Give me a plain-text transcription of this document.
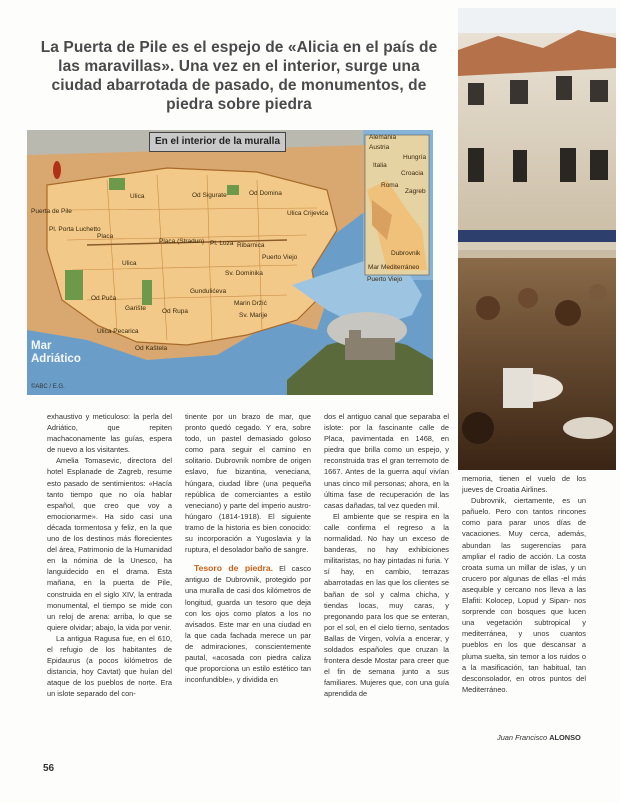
La Puerta de Pile es el espejo de «Alicia en el país de las maravillas». Una vez en el interior, surge una ciudad abarrotada de pasado, de monumentos, de piedra sobre piedra
En el interior de la muralla
Puerta de Pile
Pl. Porta Luchetto
Placa
Placa (Stradun) Pl. Luza Ribarnica
Puerto Viejo
Od Puča
Sv. Dominika
Gundulićeva
Od Rupa
Ulica
Garište
Marin Držić
Od Kaštela
Sv. Marije
Ulica Pecarica
Od Sigurate	Od Domina
Ulica
Ulica Crijevića
Alemania
Austria
Hungría
Italia
Croacia
Roma
Zagreb
Dubrovnik
Mar Mediterráneo
Puerto Viejo
Mar
Adriático
©ABC / E.G.

exhaustivo y meticuloso: la perla del Adriático, que repiten machaconamente las guías, espera de nuevo a los visitantes.

Amelia Tomasevic, directora del hotel Esplanade de Zagreb, resume esto pasado de sentimientos: «Hacía tanto tiempo que no oía hablar español, que creo que voy a emocionarme». Ha sido casi una década tormentosa y feliz, en la que uno de los destinos más florecientes del área, Patrimonio de la Humanidad en la nómina de la Unesco, ha languidecido en el drama. Esta mañana, en la puerta de Pile, construida en el siglo XIV, la entrada monumental, el tiempo se mide con un reloj de arena: arriba, lo que se quiere olvidar; abajo, la vida por venir.

La antigua Ragusa fue, en el 610, el refugio de los habitantes de Epidaurus (a pocos kilómetros de distancia, hoy Cavtat) que huían del ataque de los pueblos de norte. Era un islote separado del con-

tinente por un brazo de mar, que pronto quedó cegado. Y era, sobre todo, un pastel demasiado goloso como para seguir el camino en solitario. Dubrovnik nombre de origen eslavo, fue bizantina, veneciana, húngara, ciudad libre (una pequeña república de comerciantes a estilo veneciano) y parte del imperio austro-húngaro (1814-1918). El siguiente tramo de la historia es bien conocido: su incorporación a Yugoslavia y la ruptura, el desolador baño de sangre.

Tesoro de piedra. El casco antiguo de Dubrovnik, protegido por una muralla de casi dos kilómetros de longitud, guarda un tesoro que deja con los ojos como platos a los no avisados. Este mar en una ciudad en la que cada fachada merece un par de admiraciones, conscientemente pautal, «acosada con piedra caliza que proporciona un estilo estético tan inconfundible», y dividida en

dos el antiguo canal que separaba el islote: por la fascinante calle de Placa, pavimentada en 1468, en piedra que brilla como un espejo, y reconstruida tras el gran terremoto de 1667. Antes de la guerra aquí vivían unas cinco mil personas; ahora, en la última fase de recuperación de las casas dañadas, tal vez queden mil.

El ambiente que se respira en la calle confirma el regreso a la normalidad. No hay un exceso de banderas, no hay exhibiciones militaristas, no hay pintadas ni furia. Y sí hay, en cambio, terrazas abarrotadas en las que los clientes se bañan de sol y calma chicha, y tiendas locas, muy caras, y pregonando para los que se enteran, por el sol, en el cielo tierno, sentados Ballas de Virgen, volvía a encerar, y soldados españoles que cruzan la frontera desde Mostar para creer que el fin de semana junto a sus familiares. Mujeres que, con una guía aprendida de

memoria, tienen el vuelo de los jueves de Croatia Airlines.

Dubrovnik, ciertamente, es un pañuelo. Pero con tantos rincones como para parar unos días de vacaciones. Muy cerca, además, abundan las sugerencias para ampliar el radio de acción. La costa croata suma un millar de islas, y un crucero por algunas de ellas -el más asequible y cercano nos lleva a las Elafiti: Kolocep, Lopud y Sipan- nos sorprende con bosques que lucen una vegetación subtropical y mediterránea, y unos cuantos pueblos en los que descansar a pluma suelta, sin temor a los ruidos o a la masificación, tan habitual, tan desconsolador, en otros puntos del Mediterráneo.

Juan Francisco ALONSO
56
